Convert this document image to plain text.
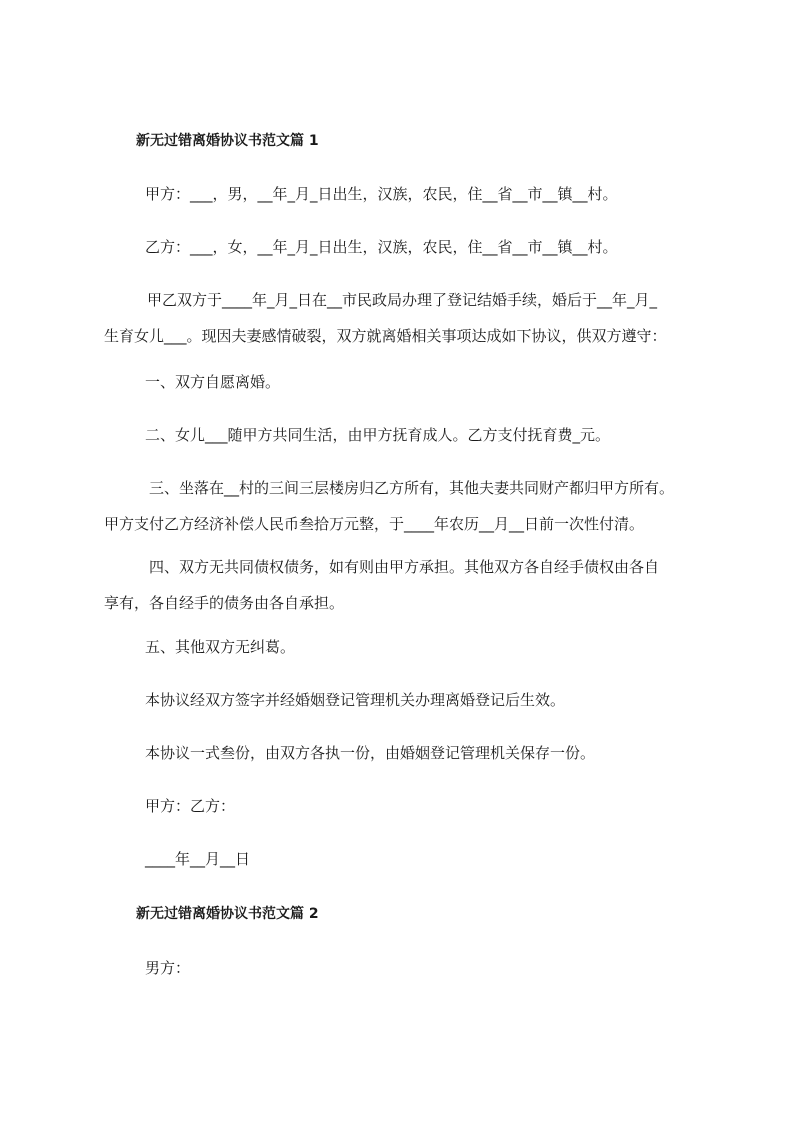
新无过错离婚协议书范文篇 1
甲方：___，男，__年_月_日出生，汉族，农民，住__省__市__镇__村。
乙方：___，女，__年_月_日出生，汉族，农民，住__省__市__镇__村。
甲乙双方于____年_月_日在__市民政局办理了登记结婚手续，婚后于__年_月_
生育女儿___。现因夫妻感情破裂，双方就离婚相关事项达成如下协议，供双方遵守：
一、双方自愿离婚。
二、女儿___随甲方共同生活，由甲方抚育成人。乙方支付抚育费_元。
三、坐落在__村的三间三层楼房归乙方所有，其他夫妻共同财产都归甲方所有。
甲方支付乙方经济补偿人民币叁拾万元整，于____年农历__月__日前一次性付清。
四、双方无共同债权债务，如有则由甲方承担。其他双方各自经手债权由各自
享有，各自经手的债务由各自承担。
五、其他双方无纠葛。
本协议经双方签字并经婚姻登记管理机关办理离婚登记后生效。
本协议一式叁份，由双方各执一份，由婚姻登记管理机关保存一份。
甲方：乙方：
____年__月__日
新无过错离婚协议书范文篇 2
男方：
